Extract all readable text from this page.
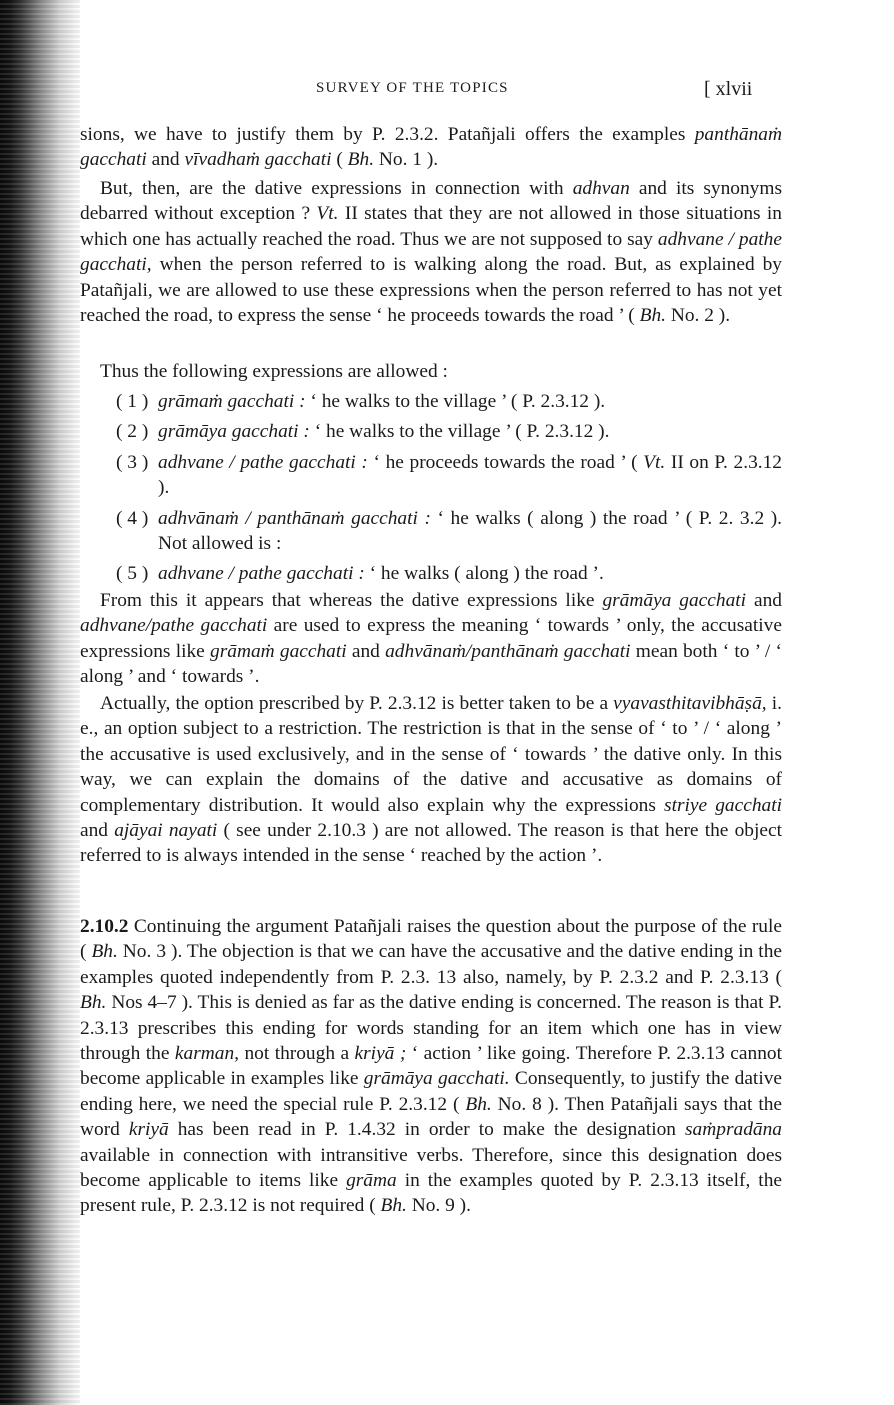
SURVEY OF THE TOPICS	[ xlvii

sions, we have to justify them by P. 2.3.2. Patañjali offers the examples panthānaṁ gacchati and vīvadhaṁ gacchati ( Bh. No. 1 ).

But, then, are the dative expressions in connection with adhvan and its synonyms debarred without exception ? Vt. II states that they are not allowed in those situations in which one has actually reached the road. Thus we are not supposed to say adhvane / pathe gacchati, when the person referred to is walking along the road. But, as explained by Patañjali, we are allowed to use these expressions when the person referred to has not yet reached the road, to express the sense ‘ he proceeds towards the road ’ ( Bh. No. 2 ).

Thus the following expressions are allowed :

( 1 ) grāmaṁ gacchati : ‘ he walks to the village ’ ( P. 2.3.12 ).
( 2 ) grāmāya gacchati : ‘ he walks to the village ’ ( P. 2.3.12 ).
( 3 ) adhvane / pathe gacchati : ‘ he proceeds towards the road ’ ( Vt. II on P. 2.3.12 ).
( 4 ) adhvānaṁ / panthānaṁ gacchati : ‘ he walks ( along ) the road ’ ( P. 2. 3.2 ). Not allowed is :
( 5 ) adhvane / pathe gacchati : ‘ he walks ( along ) the road ’.

From this it appears that whereas the dative expressions like grāmāya gacchati and adhvane/pathe gacchati are used to express the meaning ‘ towards ’ only, the accusative expressions like grāmaṁ gacchati and adhvānaṁ/panthānaṁ gacchati mean both ‘ to ’ / ‘ along ’ and ‘ towards ’.

Actually, the option prescribed by P. 2.3.12 is better taken to be a vyavasthitavibhāṣā, i. e., an option subject to a restriction. The restriction is that in the sense of ‘ to ’ / ‘ along ’ the accusative is used exclusively, and in the sense of ‘ towards ’ the dative only. In this way, we can explain the domains of the dative and accusative as domains of complementary distribution. It would also explain why the expressions striye gacchati and ajāyai nayati ( see under 2.10.3 ) are not allowed. The reason is that here the object referred to is always intended in the sense ‘ reached by the action ’.

2.10.2 Continuing the argument Patañjali raises the question about the purpose of the rule ( Bh. No. 3 ). The objection is that we can have the accusative and the dative ending in the examples quoted independently from P. 2.3. 13 also, namely, by P. 2.3.2 and P. 2.3.13 ( Bh. Nos 4–7 ). This is denied as far as the dative ending is concerned. The reason is that P. 2.3.13 prescribes this ending for words standing for an item which one has in view through the karman, not through a kriyā ; ‘ action ’ like going. Therefore P. 2.3.13 cannot become applicable in examples like grāmāya gacchati. Consequently, to justify the dative ending here, we need the special rule P. 2.3.12 ( Bh. No. 8 ). Then Patañjali says that the word kriyā has been read in P. 1.4.32 in order to make the designation saṁpradāna available in connection with intransitive verbs. Therefore, since this designation does become applicable to items like grāma in the examples quoted by P. 2.3.13 itself, the present rule, P. 2.3.12 is not required ( Bh. No. 9 ).
